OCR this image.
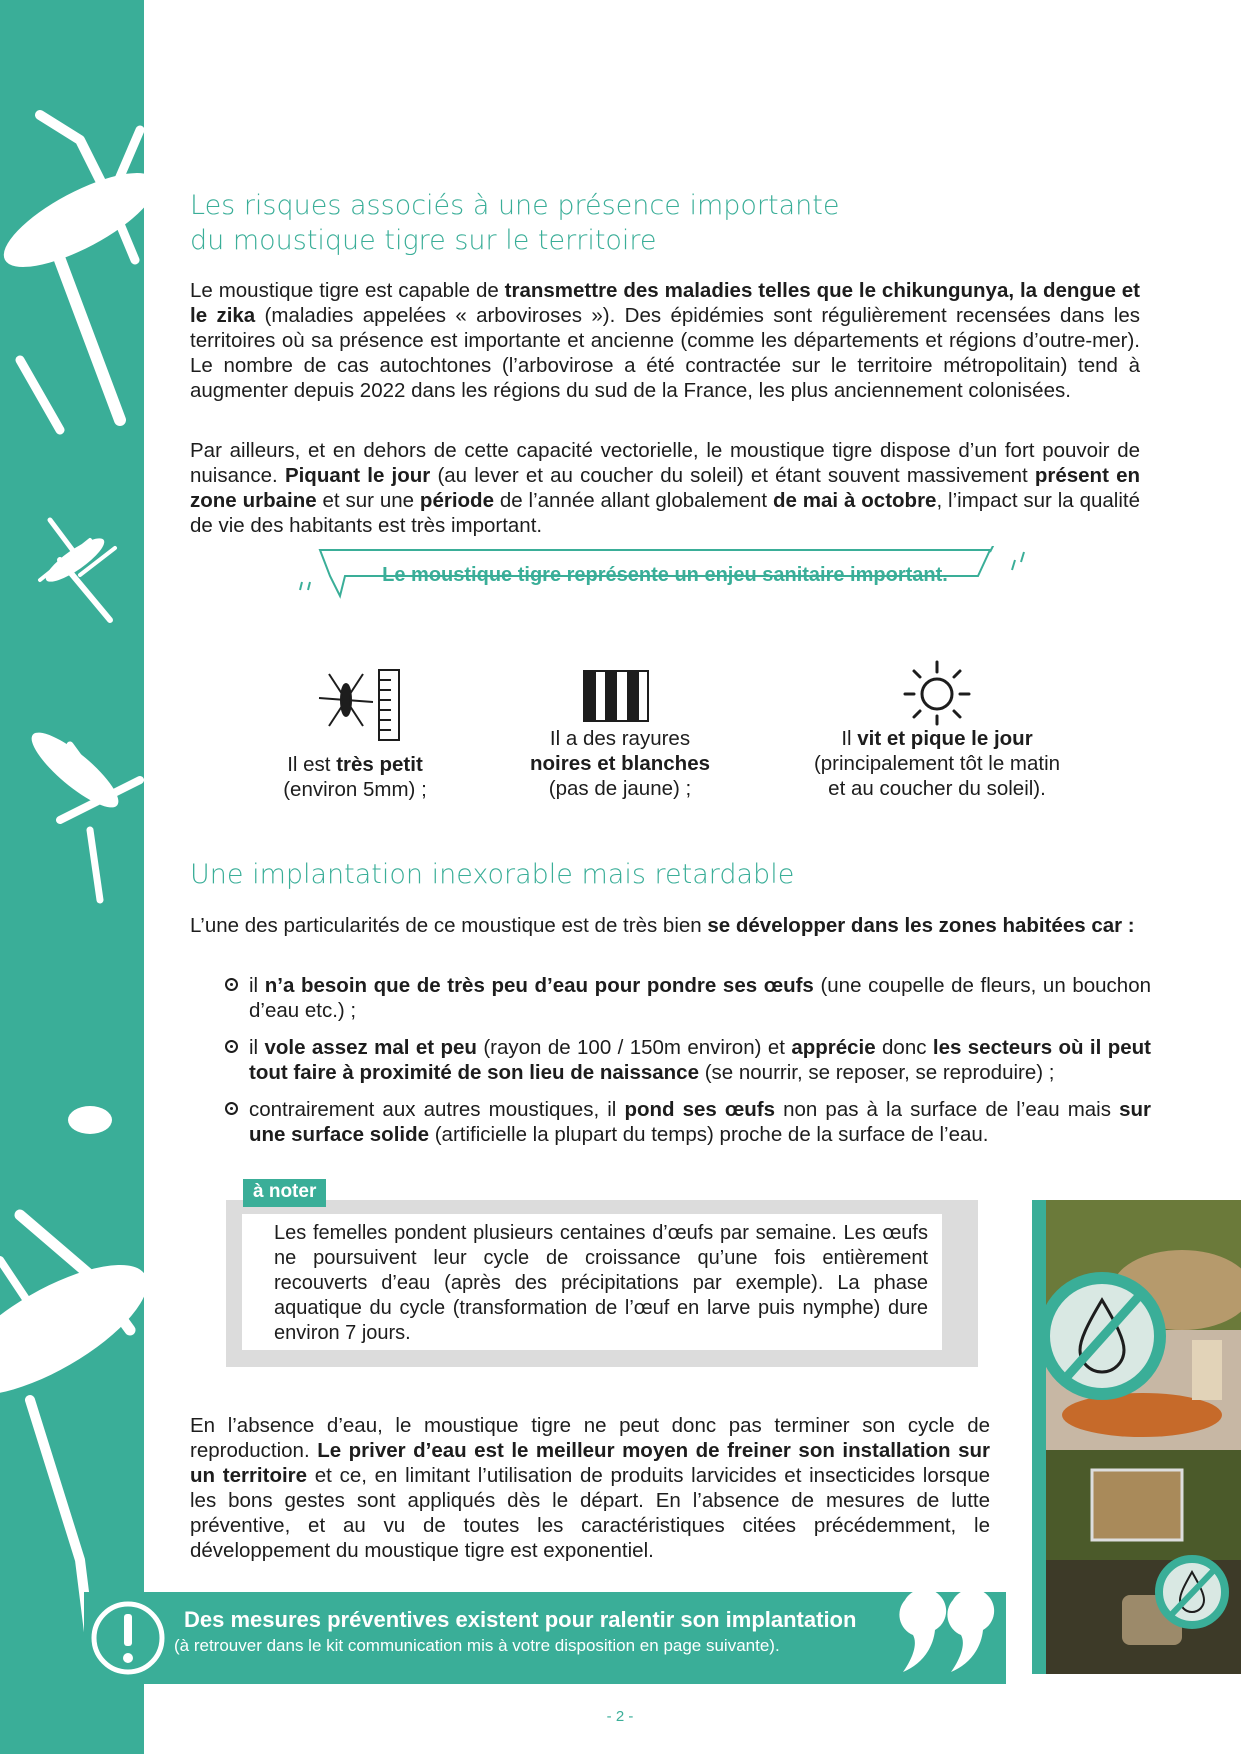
Les risques associés à une présence importante
du moustique tigre sur le territoire

Le moustique tigre est capable de transmettre des maladies telles que le chikungunya, la dengue et le zika (maladies appelées « arboviroses »). Des épidémies sont régulièrement recensées dans les territoires où sa présence est importante et ancienne (comme les départements et régions d’outre-mer). Le nombre de cas autochtones (l’arbovirose a été contractée sur le territoire métropolitain) tend à augmenter depuis 2022 dans les régions du sud de la France, les plus anciennement colonisées.

Par ailleurs, et en dehors de cette capacité vectorielle, le moustique tigre dispose d’un fort pouvoir de nuisance. Piquant le jour (au lever et au coucher du soleil) et étant souvent massivement présent en zone urbaine et sur une période de l’année allant globalement de mai à octobre, l’impact sur la qualité de vie des habitants est très important.

Le moustique tigre représente un enjeu sanitaire important.
Il est très petit
(environ 5mm) ;
Il a des rayures
noires et blanches
(pas de jaune) ;
Il vit et pique le jour
(principalement tôt le matin
et au coucher du soleil).
Une implantation inexorable mais retardable

L’une des particularités de ce moustique est de très bien se développer dans les zones habitées car :

il n’a besoin que de très peu d’eau pour pondre ses œufs (une coupelle de fleurs, un bouchon d’eau etc.) ;
il vole assez mal et peu (rayon de 100 / 150m environ) et apprécie donc les secteurs où il peut tout faire à proximité de son lieu de naissance (se nourrir, se reposer, se reproduire) ;
contrairement aux autres moustiques, il pond ses œufs non pas à la surface de l’eau mais sur une surface solide (artificielle la plupart du temps) proche de la surface de l’eau.
à noter
Les femelles pondent plusieurs centaines d’œufs par semaine. Les œufs ne poursuivent leur cycle de croissance qu’une fois entièrement recouverts d’eau (après des précipitations par exemple). La phase aquatique du cycle (transformation de l’œuf en larve puis nymphe) dure environ 7 jours.

En l’absence d’eau, le moustique tigre ne peut donc pas terminer son cycle de reproduction. Le priver d’eau est le meilleur moyen de freiner son installation sur un territoire et ce, en limitant l’utilisation de produits larvicides et insecticides lorsque les bons gestes sont appliqués dès le départ. En l’absence de mesures de lutte préventive, et au vu de toutes les caractéristiques citées précédemment, le développement du moustique tigre est exponentiel.

Des mesures préventives existent pour ralentir son implantation
(à retrouver dans le kit communication mis à votre disposition en page suivante).
- 2 -
